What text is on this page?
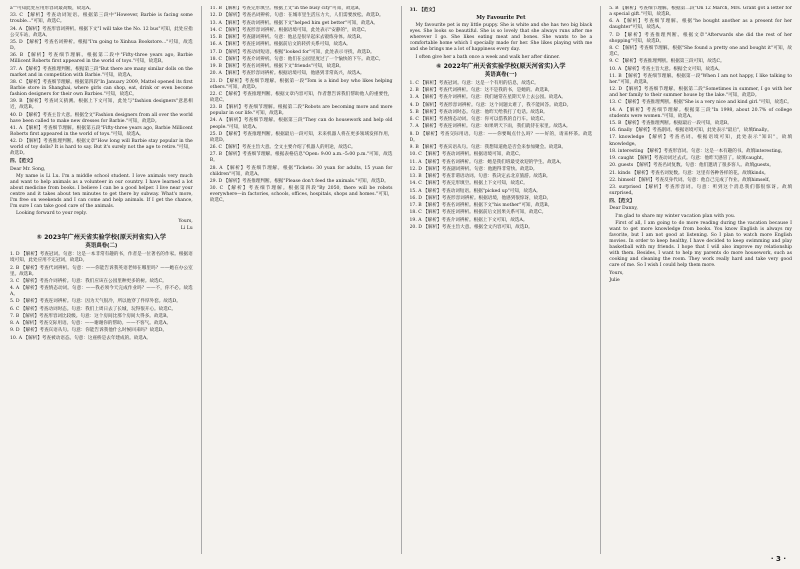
a""可知此处应用形容词最高级，故选A。

33. C 【解析】考查动词短语。根据第三段中"However, Barbie is facing some trouble..."可知，故选C。

34. A 【解析】考查形容词辨析。根据下文"I will take the No. 12 bus"可知，此处应指公交车站，故选A。

35. D 【解析】考查名词辨析。根据"I'm going to Xinhua Bookstore..."可知，故选D。

36. B 【解析】考查细节理解。根据第二段中"Fifty-three years ago, Barbie Millicent Roberts first appeared in the world of toys."可知，故选B。

37. A 【解析】考查推理判断。根据第三段"But there are many similar dolls on the market and in competition with Barbie."可知，故选A。

38. C 【解析】考查细节理解。根据第四段"In January 2009, Mattel opened its first Barbie store in Shanghai, where girls can shop, eat, drink or even become fashion designers for their own Barbies."可知，故选C。

39. B 【解析】考查词义猜测。根据上下文可知，此处与"fashion designers"意思相近，故选B。

40. D 【解析】考查主旨大意。根据全文"Fashion designers from all over the world have been called to make new dresses for Barbie."可知，故选D。

41. A 【解析】考查细节理解。根据第五段"Fifty-three years ago, Barbie Millicent Roberts first appeared in the world of toys."可知，故选A。

42. D 【解析】考查推理判断。根据文章"How long will Barbie stay popular in the world of toy dolls? It is hard to say. But it's surely not the age to retire."可知，故选D。

四、【范文】

Dear Mr. Song,

My name is Li Lu. I'm a middle school student. I love animals very much and want to help animals as a volunteer in our country. I have learned a lot about medicine from books. I believe I can be a good helper. I live near your centre and it takes about ten minutes to get there by subway. What's more, I'm free on weekends and I can come and help animals. If I get the chance, I'm sure I can take good care of the animals.

Looking forward to your reply.

Yours,

Li Lu

⑤ 2023年广州天省实验学校(原天河省实)入学

英语真卷(二)

1. D 【解析】考查冠词。句意：这是一本非常有趣的书，作者是一位著名的作家。根据语境可知，此处应用不定冠词，故选D。

2. B 【解析】考查代词辨析。句意：——你能告诉我英语老师在哪里吗？——她在办公室里。故选B。

3. C 【解析】考查介词辨析。句意：我们应该在公园里种更多的树。故选C。

4. A 【解析】考查情态动词。句意：——我必须今天完成作业吗？——不，你不必。故选A。

5. D 【解析】考查连词辨析。句意：因为天气很冷，所以他穿了件厚外套。故选D。

6. C 【解析】考查动词时态。句意：我们上周日去了长城，玩得很开心。故选C。

7. B 【解析】考查形容词比较级。句意：这个房间比那个房间大得多。故选B。

8. A 【解析】考查交际用语。句意：——谢谢你的帮助。——不客气。故选A。

9. D 【解析】考查宾语从句。句意：你能告诉我他什么时候回来吗？故选D。

10. A 【解析】考查被动语态。句意：这座桥是去年建成的。故选A。

11. B 【解析】考查完形填空。根据上文"in the busy city"可知，故选B。

12. D 【解析】考查名词辨析。句意：在城市里生活压力大，人们需要放松。故选D。

13. A 【解析】考查动词辨析。根据下文"helped him get better"可知，故选A。

14. C 【解析】考查形容词辨析。根据语境可知，此处表示"安静的"，故选C。

15. B 【解析】考查副词辨析。句意：他总是很早起床去锻炼身体。故选B。

16. A 【解析】考查连词辨析。根据前后文的转折关系可知，故选A。

17. D 【解析】考查动词短语。根据"looked for"可知，此处表示寻找，故选D。

18. C 【解析】考查介词辨析。句意：他们在公园里度过了一个愉快的下午。故选C。

19. B 【解析】考查名词辨析。根据下文"friends"可知，故选B。

20. A 【解析】考查形容词辨析。根据语境可知，他感到非常高兴，故选A。

21. D 【解析】考查细节理解。根据第一段"Tom is a kind boy who likes helping others."可知，故选D。

22. C 【解析】考查推理判断。根据文章内容可知，作者想告诉我们帮助他人的重要性，故选C。

23. B 【解析】考查细节理解。根据第二段"Robots are becoming more and more popular in our life."可知，故选B。

24. A 【解析】考查细节理解。根据第三段"They can do housework and help old people."可知，故选A。

25. D 【解析】考查推理判断。根据最后一段可知，未来机器人将在更多领域发挥作用，故选D。

26. C 【解析】考查主旨大意。全文主要介绍了机器人的用途，故选C。

27. B 【解析】考查细节理解。根据表格信息"Open: 9:00 a.m.–5:00 p.m."可知，故选B。

28. A 【解析】考查细节理解。根据"Tickets: 30 yuan for adults, 15 yuan for children"可知，故选A。

29. D 【解析】考查推理判断。根据"Please don't feed the animals."可知，故选D。

30. C 【解析】考查细节理解。根据第四段"By 2050, there will be robots everywhere—in factories, schools, offices, hospitals, shops and homes."可知，故选C。

31. 【范文】

My Favourite Pet

My favourite pet is my little puppy. She is white and she has two big black eyes. She looks so beautiful. She is so lovely that she always runs after me wherever I go. She likes eating meat and bones. She wants to be a comfortable home which I specially made for her. She likes playing with me and she brings me a lot of happiness every day.

I often give her a bath once a week and walk her after dinner.

⑥ 2022年广州天省实验学校(原天河省实)入学

英语真卷(一)

1. C 【解析】考查冠词。句意：这是一个有用的信息，故选C。

2. B 【解析】考查代词辨析。句意：这不是我的书，是她的。故选B。

3. A 【解析】考查介词辨析。句意：我们通常在星期天早上去公园。故选A。

4. D 【解析】考查形容词辨析。句意：这个问题太难了，我不能回答。故选D。

5. B 【解析】考查动词时态。句意：他昨天给我打了电话。故选B。

6. C 【解析】考查情态动词。句意：你可以借我的自行车。故选C。

7. A 【解析】考查连词辨析。句意：如果明天下雨，我们就待在家里。故选A。

8. D 【解析】考查交际用语。句意：——你要喝点什么吗？——好的，请来杯茶。故选D。

9. B 【解析】考查宾语从句。句意：我想知道他是否会来参加聚会。故选B。

10. C 【解析】考查动词辨析。根据语境可知，故选C。

11. A 【解析】考查名词辨析。句意：她是我们班最受欢迎的学生。故选A。

12. D 【解析】考查副词辨析。句意：他跑得非常快。故选D。

13. B 【解析】考查非谓语动词。句意：我决定去北京旅游。故选B。

14. C 【解析】考查完形填空。根据上下文可知，故选C。

15. A 【解析】考查动词短语。根据"picked up"可知，故选A。

16. D 【解析】考查形容词辨析。根据语境，他感到很惊讶，故选D。

17. B 【解析】考查名词辨析。根据下文"his mother"可知，故选B。

18. C 【解析】考查连词辨析。根据前后文因果关系可知，故选C。

19. A 【解析】考查介词辨析。根据上下文可知，故选A。

20. D 【解析】考查主旨大意。根据全文内容可知，故选D。

5. B 【解析】考查细节理解。根据第二段"On 12 March, Mrs. Grant got a letter for a special gift."可知，故选B。

6. A 【解析】考查细节理解。根据"he bought another as a present for her daughter"可知，故选A。

7. D 【解析】考查推理判断。根据文章"Afterwards she did the rest of her shopping"可知，故选D。

8. C 【解析】考查细节理解。根据"She found a pretty one and bought it"可知，故选C。

9. C 【解析】考查推理判断。根据第三段可知，故选C。

10. A 【解析】考查主旨大意。根据全文可知，故选A。

11. B 【解析】考查细节理解。根据第一段"When I am not happy, I like talking to her."可知，故选B。

12. D 【解析】考查细节理解。根据第二段"Sometimes in summer, I go with her and her family to their summer house by the lake."可知，故选D。

13. C 【解析】考查推理判断。根据"She is a very nice and kind girl."可知，故选C。

14. A 【解析】考查细节理解。根据第三段"In 1998, about 20.7% of college students were women."可知，故选A。

15. B 【解析】考查推理判断。根据最后一段可知，故选B。

16. finally 【解析】考查副词。根据语境可知，此处表示"最后"，故填finally。

17. knowledge 【解析】考查名词。根据语境可知，此处表示"知识"，故填knowledge。

18. interesting 【解析】考查形容词。句意：这是一本有趣的书。故填interesting。

19. caught 【解析】考查动词过去式。句意：他昨天感冒了。故填caught。

20. guests 【解析】考查名词复数。句意：他们邀请了很多客人。故填guests。

21. kinds 【解析】考查名词复数。句意：这里有各种各样的花。故填kinds。

22. himself 【解析】考查反身代词。句意：他自己完成了作业。故填himself。

23. surprised 【解析】考查形容词。句意：听到这个消息我们都很惊讶。故填surprised。

四、【范文】

Dear Danny,

I'm glad to share my winter vacation plan with you.

First of all, I am going to do more reading during the vacation because I want to get more knowledge from books. You know English is always my favorite, but I am not good at listening. So I plan to watch more English movies. In order to keep healthy, I have decided to keep swimming and play basketball with my friends. I hope that I will also improve my relationship with them. Besides, I want to help my parents do more housework, such as cooking and cleaning the room. They work really hard and take very good care of me. So I wish I could help them more.

Yours,

Julie

· 3 ·
